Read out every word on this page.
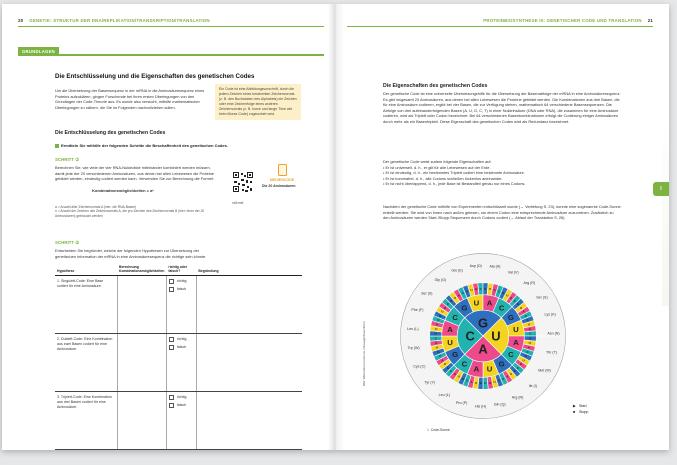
20 GENETIK: STRUKTUR DER DNA/REPLIKATION/TRANSKRIPTION/TRANSLATION
GRUNDLAGEN
Die Entschlüsselung und die Eigenschaften des genetischen Codes
Um die Übersetzung der Basensequenz in der mRNA in die Aminosäuresequenz eines Proteins aufzuklären, gingen Forschende bei ihren ersten Überlegungen von den Grundlagen der Code-Theorie aus. Es wurde also versucht, mithilfe mathematischer Überlegungen zu nähern, die Sie im Folgenden nachvollziehen sollen.
Ein Code ist eine Abbildungsvorschrift, durch die jedem Zeichen eines bestimmten Zeichenvorrats (z. B. den Buchstaben des Alphabets) ein Zeichen oder eine Zeichenfolge eines anderen Zeichenvorrats (z. B. kurze und lange Töne wie beim Morse-Code) zugeordnet wird.
Die Entschlüsselung des genetischen Codes
Ermitteln Sie mithilfe der folgenden Schritte die Beschaffenheit des genetischen Codes.
SCHRITT ①
Berechnen Sie, wie viele der vier RNA-Nukleotide miteinander kombiniert werden müssen, damit jede der 20 verschiedenen Aminosäuren, aus denen bei allen Lebewesen die Proteine gebildet werden, eindeutig codiert werden kann. Verwenden Sie zur Berechnung die Formel:
Kombinationsmöglichkeiten = aⁿ
a = Anzahl aller Zeichenvorrats A (hier: die RNA-Basen)
n = Anzahl der Zeichen des Zeichenvorrats A, die pro Zeichen des Zeichenvorrats B (hier: einer der 20 Aminosäuren) gebraucht werden
MEDIENCODE
Die 20 Aminosäuren
xz5vm6
SCHRITT ②
Entscheiden Sie begründet, welche der folgenden Hypothesen zur Übersetzung der genetischen Information der mRNA in eine Aminosäuresequenz die richtige sein könnte.
Hypothese	Berechnung Kombinationsmöglichkeiten	richtig oder falsch?	Begründung
1. Singulett-Code: Eine Base codiert für eine Aminosäure.		richtig
falsch	

2. Dublett-Code: Eine Kombination aus zwei Basen codiert für eine Aminosäure.		richtig
falsch	

3. Triplett-Code: Eine Kombination aus drei Basen codiert für eine Aminosäure.		richtig
falsch	

PROTEINBIOSYNTHESE III: GENETISCHER CODE UND TRANSLATION 21
Die Eigenschaften des genetischen Codes
Der genetische Code ist eine universelle Übersetzungshilfe für die Übersetzung der Basenabfolge der mRNA in eine Aminosäuresequenz. Es gibt insgesamt 20 Aminosäuren, aus denen bei allen Lebewesen die Proteine gebildet werden. Die Kombinationen aus drei Basen, die für eine Aminosäure codieren, ergibt bei vier Basen, die zur Verfügung stehen, mathematisch 64 verschiedene Basensequenzen. Die Abfolge von drei aufeinanderfolgenden Basen (A, U, G, C, T) in einer Nukleinsäure (DNA oder RNA), die zusammen für eine Aminosäure codieren, wird als Triplett oder Codon bezeichnet. Bei 64 verschiedenen Basenkombinationen erfolgt die Codierung einiger Aminosäuren durch mehr als ein Basentriplett. Diese Eigenschaft des genetischen Codes wird als Redundanz bezeichnet.
Der genetische Code weist zudem folgende Eigenschaften auf:
• Er ist universell, d. h., er gilt für alle Lebewesen auf der Erde.
• Er ist eindeutig, d. h., ein bestimmtes Triplett codiert eine bestimmte Aminosäure.
• Er ist kommafrei, d. h., alle Codons schließen lückenlos aneinander.
• Er ist nicht überlappend, d. h., jede Base ist Bestandteil genau nur eines Codons.
Nachdem der genetische Code mithilfe von Experimenten entschlüsselt wurde (→ Vertiefung S. 23), konnte eine sogenannte Code-Sonne erstellt werden. Sie wird von innen nach außen gelesen, um einem Codon eine entsprechende Aminosäure zuzuordnen. Zusätzlich zu den Aminosäuren werden Start-/Stopp-Sequenzen durch Codons codiert (→ Ablauf der Translation S. 26).
I
Bild: Wikimedia Commons / Mouagip/Dosenfisch
G
U
A
C G U A C G U A C G
U
A
C
G
U
A
C
G
U
A
C
G
U
A
C
G
U
A
C
G
U
A
C
G
U
A
C
G
U
A
C
G
U
A
C
G
U
A
C
G
U
A
C
G
U
A
C
G
U
A
C G
U A
C
G
U
A
C
G
U
A
C
G
U
A
C G
U
A
C
Gly (G)
Glu (E)
Asp (D) Ala (A)
Val (V)
Arg (R)
Ser (S)
Lys (K)
Asn (N)
Thr (T)
Met (M)
Ile (I)
Arg (R)
Gln (Q)
His (H)
Pro (P)
Leu (L)
Tyr (Y)
Cys (C)
Trp (W)
Leu (L)
Phe (F)
Ser (S)
▶ Start
■ Stopp
1 Code-Sonne
